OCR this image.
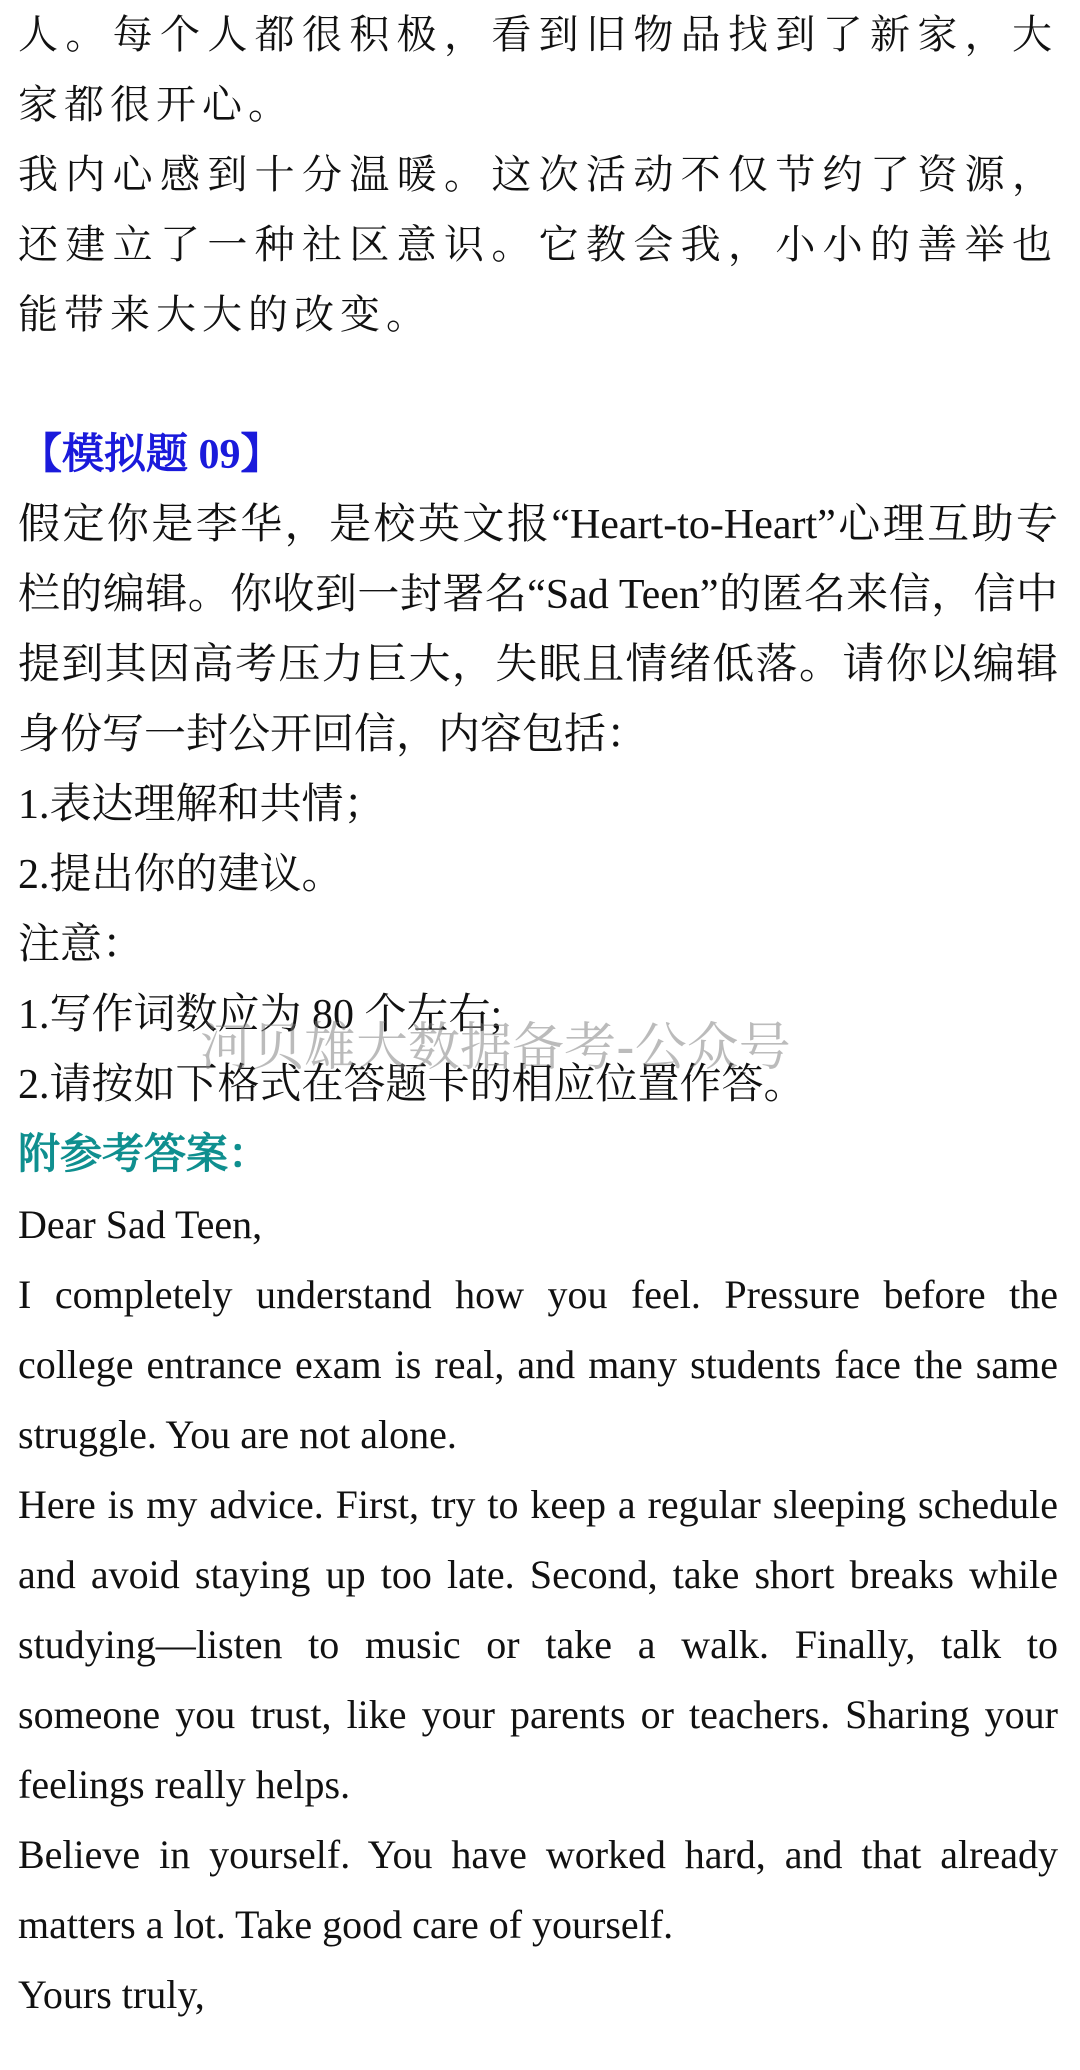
人。每个人都很积极，看到旧物品找到了新家，大家都很开心。

我内心感到十分温暖。这次活动不仅节约了资源，还建立了一种社区意识。它教会我，小小的善举也能带来大大的改变。

【模拟题 09】

假定你是李华，是校英文报“Heart-to-Heart”心理互助专栏的编辑。你收到一封署名“Sad Teen”的匿名来信，信中提到其因高考压力巨大，失眠且情绪低落。请你以编辑身份写一封公开回信，内容包括：

1.表达理解和共情；

2.提出你的建议。

注意：

1.写作词数应为 80 个左右;

2.请按如下格式在答题卡的相应位置作答。

附参考答案：

Dear Sad Teen,

I completely understand how you feel. Pressure before the college entrance exam is real, and many students face the same struggle. You are not alone.

Here is my advice. First, try to keep a regular sleeping schedule and avoid staying up too late. Second, take short breaks while studying—listen to music or take a walk. Finally, talk to someone you trust, like your parents or teachers. Sharing your feelings really helps.

Believe in yourself. You have worked hard, and that already matters a lot. Take good care of yourself.

Yours truly,

河贝雄大数据备考-公众号
